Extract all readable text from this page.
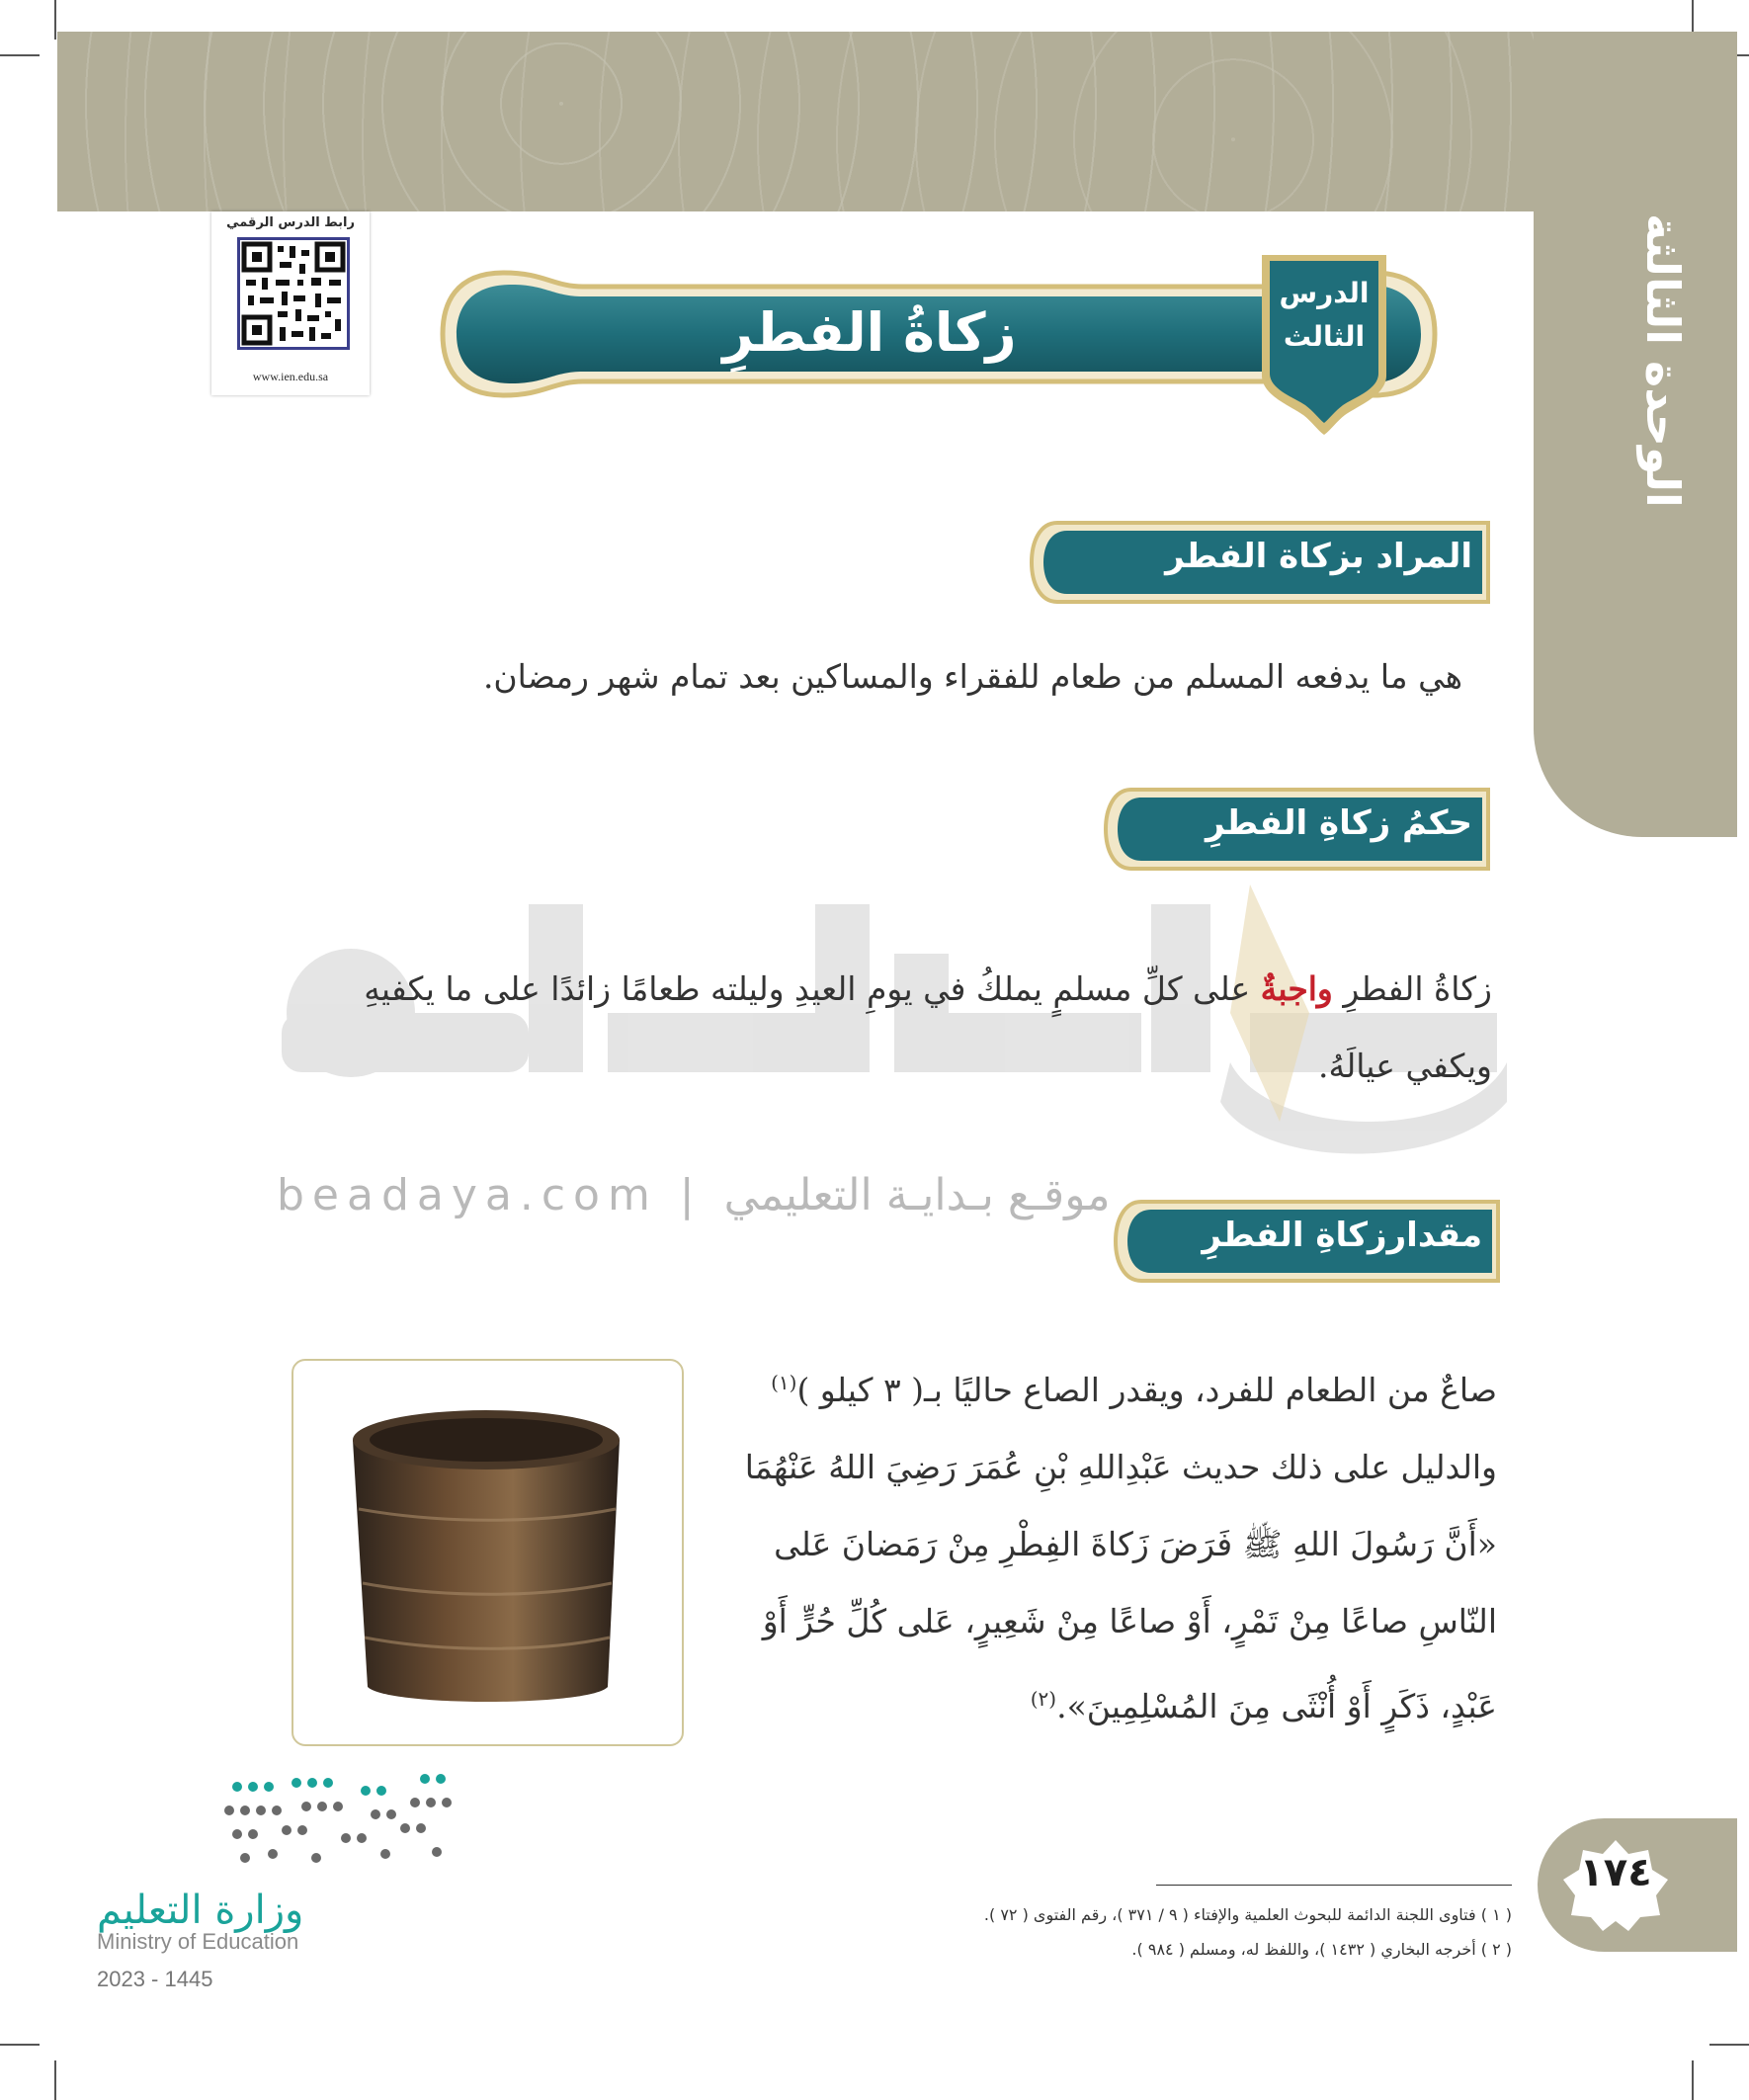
الوحدة الثالثة
رابط الدرس الرقمي
www.ien.edu.sa
زكاةُ الفطرِ
الدرس
الثالث
beadaya.com | موقـع بـدايـة التعليمي
المراد بزكاة الفطر
هي ما يدفعه المسلم من طعام للفقراء والمساكين بعد تمام شهر رمضان.
حكمُ زكاةِ الفطرِ
زكاةُ الفطرِ واجبةٌ على كلِّ مسلمٍ يملكُ في يومِ العيدِ وليلته طعامًا زائدًا على ما يكفيهِ ويكفي عيالَهُ.
مقدارزكاةِ الفطرِ
صاعٌ من الطعام للفرد، ويقدر الصاع حاليًا بـ( ٣ كيلو )$^{(١)}$ والدليل على ذلك حديث عَبْدِاللهِ بْنِ عُمَرَ رَضِيَ اللهُ عَنْهُمَا «أَنَّ رَسُولَ اللهِ ﷺ فَرَضَ زَكاةَ الفِطْرِ مِنْ رَمَضانَ عَلى النّاسِ صاعًا مِنْ تَمْرٍ، أَوْ صاعًا مِنْ شَعِيرٍ، عَلى كُلِّ حُرٍّ أَوْ عَبْدٍ، ذَكَرٍ أَوْ أُنْثَى مِنَ المُسْلِمِينَ».$^{(٢)}$
١٧٤
( ١ ) فتاوى اللجنة الدائمة للبحوث العلمية والإفتاء ( ٩ / ٣٧١ )، رقم الفتوى ( ٧٢ ).
( ٢ ) أخرجه البخاري ( ١٤٣٢ )، واللفظ له، ومسلم ( ٩٨٤ ).
وزارة التعليم
Ministry of Education
2023 - 1445
